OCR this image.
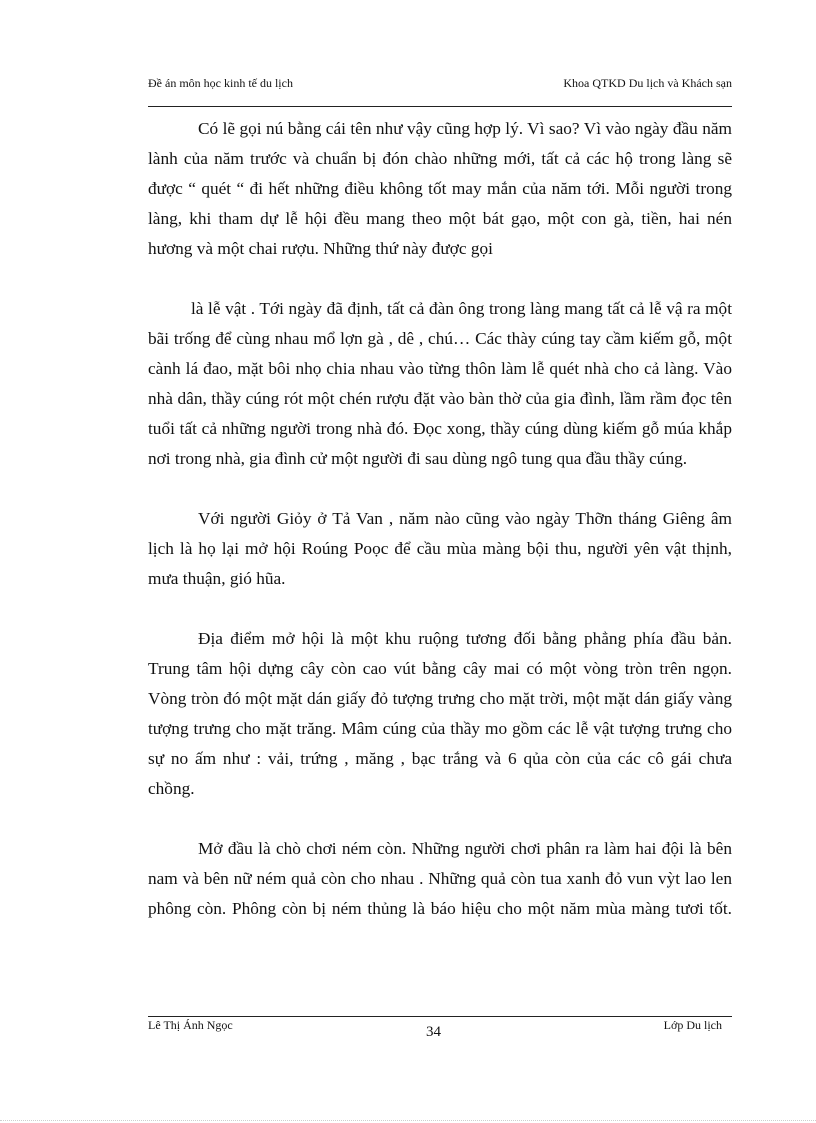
Đề án môn học kinh tế du lịch	Khoa QTKD Du lịch và Khách sạn

Có lẽ gọi nú bằng cái tên như vậy cũng hợp lý. Vì sao? Vì vào ngày đầu năm lành của năm trước và chuẩn bị đón chào những mới, tất cả các hộ trong làng sẽ được “ quét “ đi hết những điều không tốt may mắn của năm tới. Mỗi người trong làng, khi tham dự lễ hội đều mang theo một bát gạo, một con gà, tiền, hai nén hương và một chai rượu. Những thứ này được gọi

là lễ vật . Tới ngày đã định, tất cả đàn ông trong làng mang tất cả lễ vậ ra một bãi trống để cùng nhau mổ lợn gà , dê , chú… Các thày cúng tay cầm kiếm gỗ, một cành lá đao, mặt bôi nhọ chia nhau vào từng thôn làm lễ quét nhà cho cả làng. Vào nhà dân, thầy cúng rót một chén rượu đặt vào bàn thờ của gia đình, lầm rầm đọc tên tuổi tất cả những người trong nhà đó. Đọc xong, thầy cúng dùng kiếm gỗ múa khắp nơi trong nhà, gia đình cử một người đi sau dùng ngô tung qua đầu thầy cúng.

Với người Giỏy ở Tả Van , năm nào cũng vào ngày Thỡn tháng Giêng âm lịch là họ lại mở hội Roúng Poọc để cầu mùa màng bội thu, người yên vật thịnh, mưa thuận, gió hũa.

Địa điểm mở hội là một khu ruộng tương đối bằng phẳng phía đầu bản. Trung tâm hội dựng cây còn cao vút bằng cây mai có một vòng tròn trên ngọn. Vòng tròn đó một mặt dán giấy đỏ tượng trưng cho mặt trời, một mặt dán giấy vàng tượng trưng cho mặt trăng. Mâm cúng của thầy mo gồm các lễ vật tượng trưng cho sự no ấm như : vải, trứng , măng , bạc trắng và 6 qủa còn của các cô gái chưa chồng.

Mở đầu là chò chơi ném còn. Những người chơi phân ra làm hai đội là bên nam và bên nữ ném quả còn cho nhau . Những quả còn tua xanh đỏ vun vỳt lao len phông còn. Phông còn bị ném thủng là báo hiệu cho một năm mùa màng tươi tốt.

Lê Thị Ánh Ngọc	34	Lớp Du lịch
